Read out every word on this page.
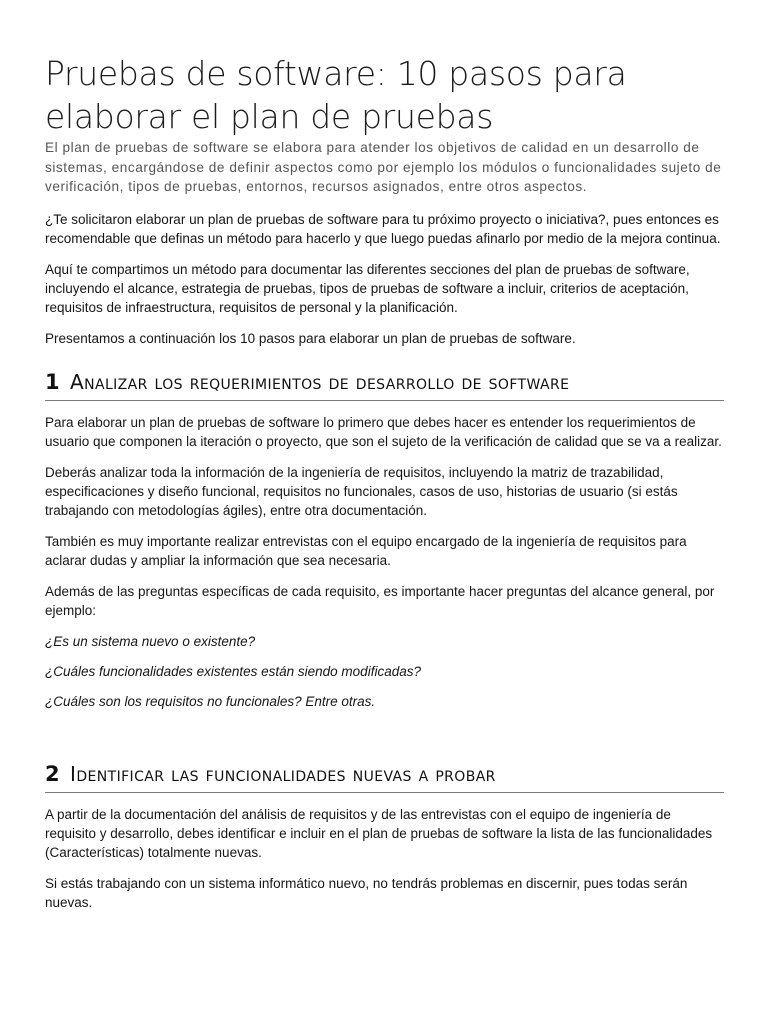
Pruebas de software: 10 pasos para elaborar el plan de pruebas

El plan de pruebas de software se elabora para atender los objetivos de calidad en un desarrollo de sistemas, encargándose de definir aspectos como por ejemplo los módulos o funcionalidades sujeto de verificación, tipos de pruebas, entornos, recursos asignados, entre otros aspectos.

¿Te solicitaron elaborar un plan de pruebas de software para tu próximo proyecto o iniciativa?, pues entonces es recomendable que definas un método para hacerlo y que luego puedas afinarlo por medio de la mejora continua.

Aquí te compartimos un método para documentar las diferentes secciones del plan de pruebas de software, incluyendo el alcance, estrategia de pruebas, tipos de pruebas de software a incluir, criterios de aceptación, requisitos de infraestructura, requisitos de personal y la planificación.

Presentamos a continuación los 10 pasos para elaborar un plan de pruebas de software.

1 Analizar los requerimientos de desarrollo de software

Para elaborar un plan de pruebas de software lo primero que debes hacer es entender los requerimientos de usuario que componen la iteración o proyecto, que son el sujeto de la verificación de calidad que se va a realizar.

Deberás analizar toda la información de la ingeniería de requisitos, incluyendo la matriz de trazabilidad, especificaciones y diseño funcional, requisitos no funcionales, casos de uso, historias de usuario (si estás trabajando con metodologías ágiles), entre otra documentación.

También es muy importante realizar entrevistas con el equipo encargado de la ingeniería de requisitos para aclarar dudas y ampliar la información que sea necesaria.

Además de las preguntas específicas de cada requisito, es importante hacer preguntas del alcance general, por ejemplo:

¿Es un sistema nuevo o existente?

¿Cuáles funcionalidades existentes están siendo modificadas?

¿Cuáles son los requisitos no funcionales? Entre otras.

2 Identificar las funcionalidades nuevas a probar

A partir de la documentación del análisis de requisitos y de las entrevistas con el equipo de ingeniería de requisito y desarrollo, debes identificar e incluir en el plan de pruebas de software la lista de las funcionalidades (Características) totalmente nuevas.

Si estás trabajando con un sistema informático nuevo, no tendrás problemas en discernir, pues todas serán nuevas.
